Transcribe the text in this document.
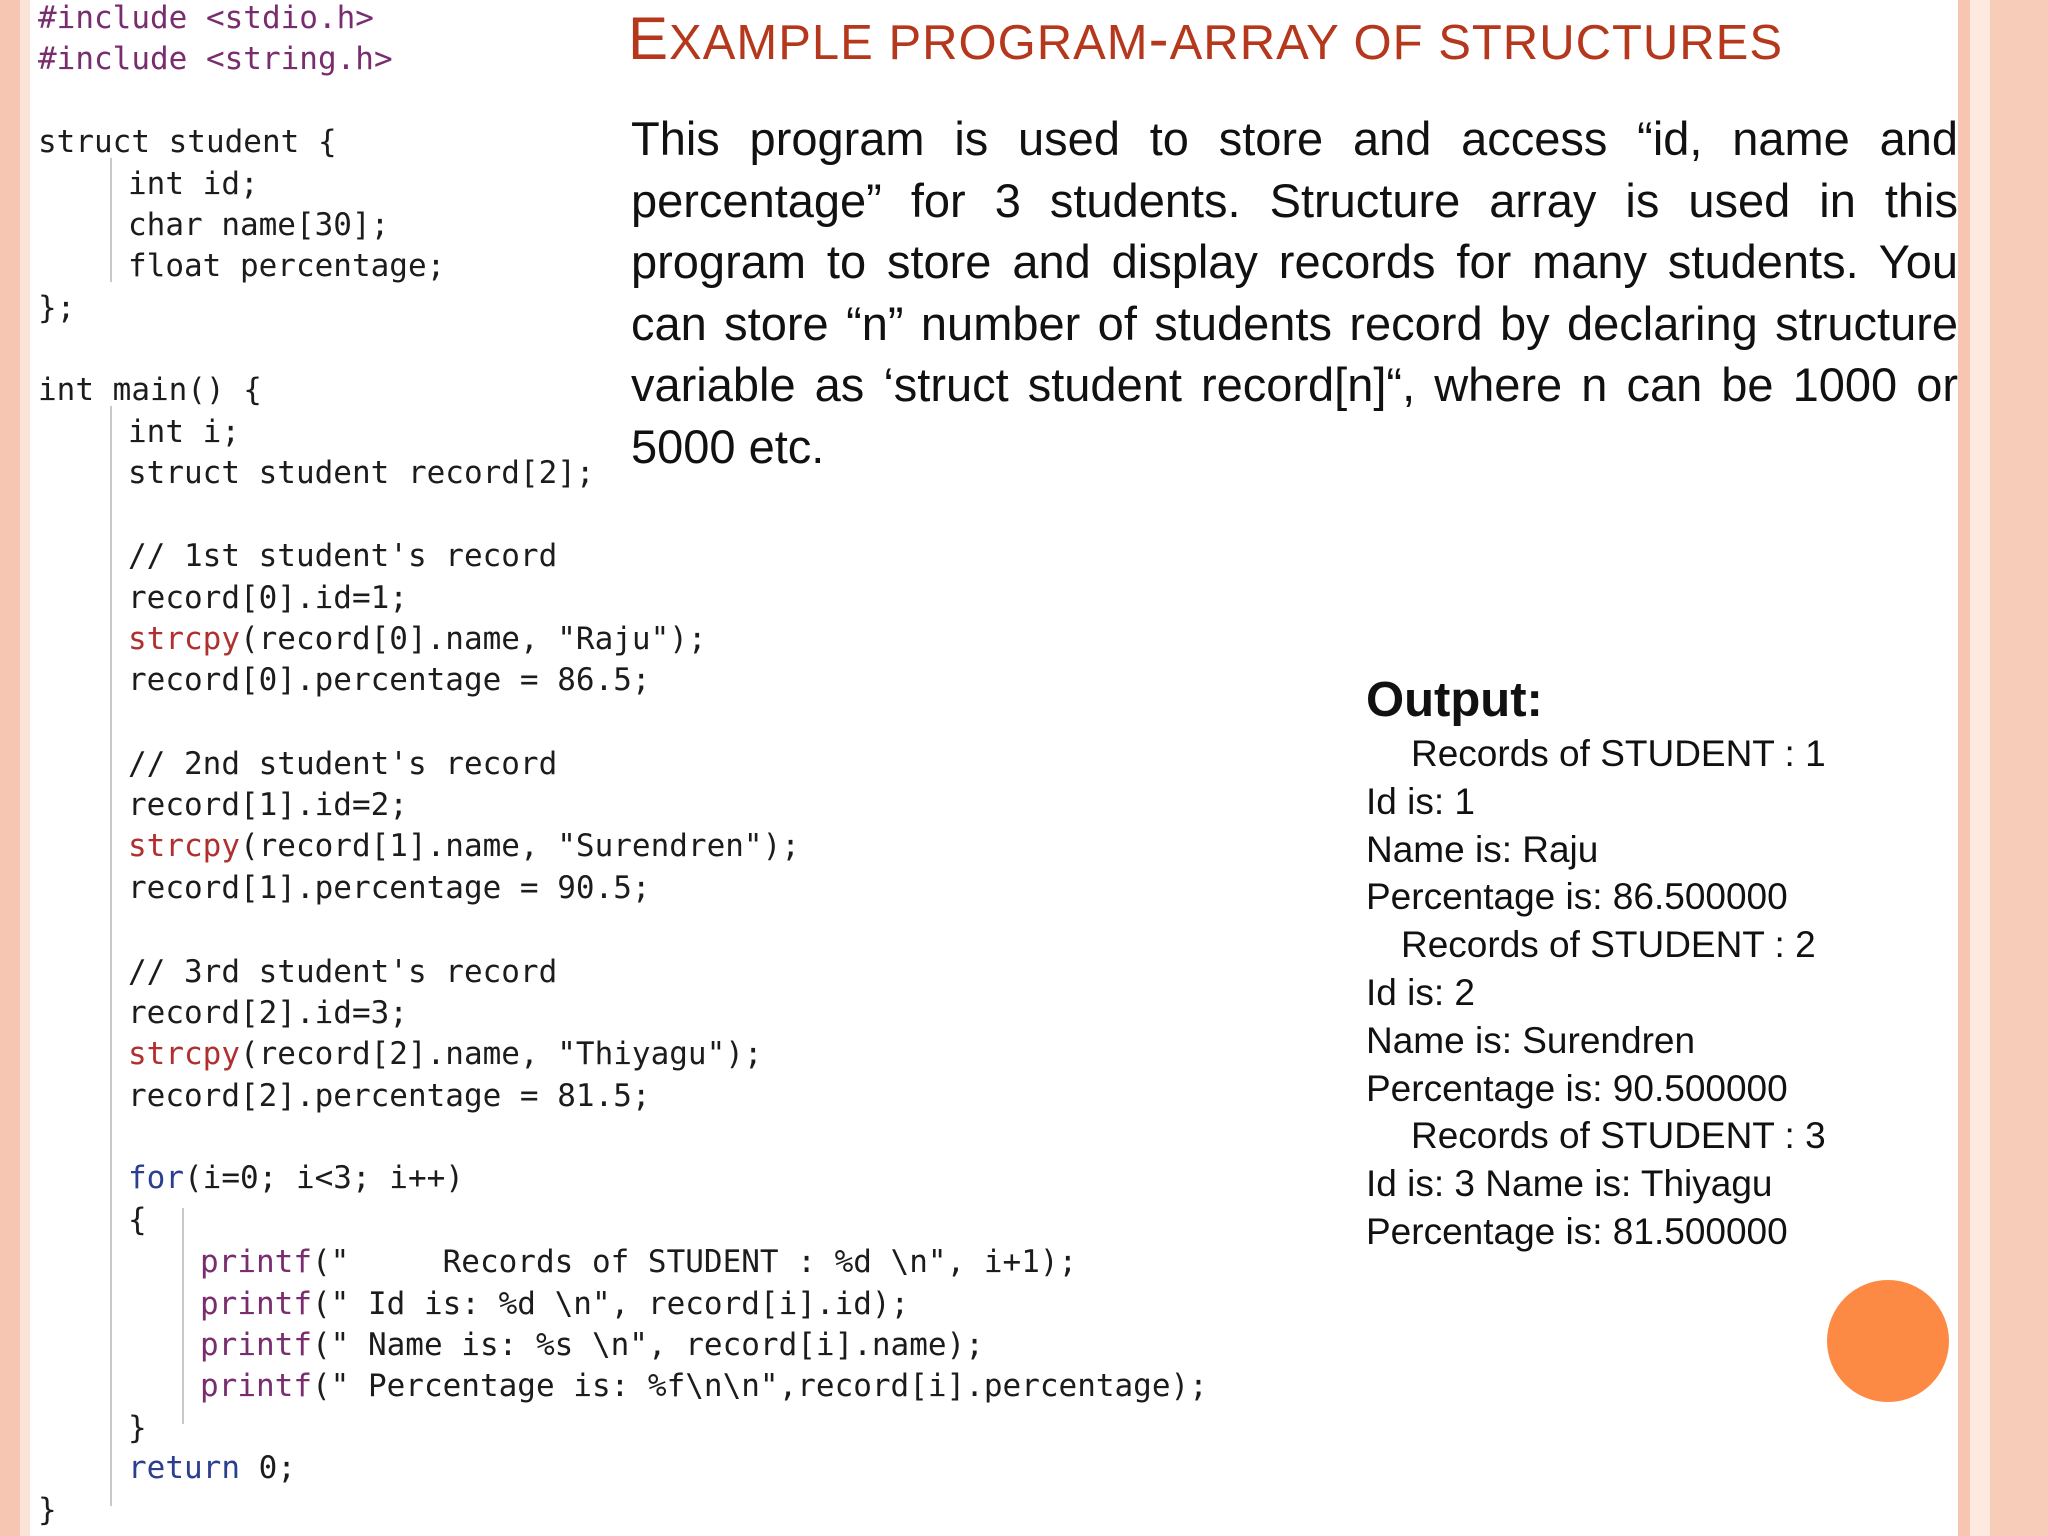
#include <stdio.h>
#include <string.h>
struct student {
int id;
char name[30];
float percentage;
};
int main() {
int i;
struct student record[2];
// 1st student's record
record[0].id=1;
strcpy(record[0].name, "Raju");
record[0].percentage = 86.5;
// 2nd student's record
record[1].id=2;
strcpy(record[1].name, "Surendren");
record[1].percentage = 90.5;
// 3rd student's record
record[2].id=3;
strcpy(record[2].name, "Thiyagu");
record[2].percentage = 81.5;
for(i=0; i<3; i++)
{
printf("     Records of STUDENT : %d \n", i+1);
printf(" Id is: %d \n", record[i].id);
printf(" Name is: %s \n", record[i].name);
printf(" Percentage is: %f\n\n",record[i].percentage);
}
return 0;
}
EXAMPLE PROGRAM-ARRAY OF STRUCTURES
This program is used to store and access “id, name and percentage” for 3 students. Structure array is used in this program to store and display records for many students. You can store “n” number of students record by declaring structure variable as ‘struct student record[n]“, where n can be 1000 or 5000 etc.
Output:
Records of STUDENT : 1
Id is: 1
Name is: Raju
Percentage is: 86.500000
Records of STUDENT : 2
Id is: 2
Name is: Surendren
Percentage is: 90.500000
Records of STUDENT : 3
Id is: 3 Name is: Thiyagu
Percentage is: 81.500000
